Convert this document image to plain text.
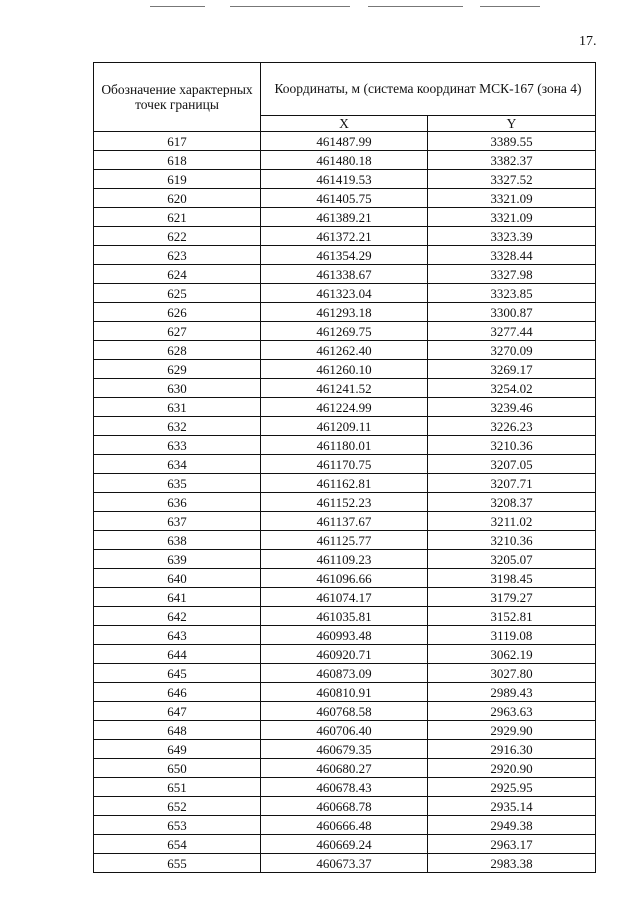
17.
Обозначение характерных точек границы	Координаты, м (система координат МСК-167 (зона 4)	
	X	Y
617	461487.99	3389.55
618	461480.18	3382.37
619	461419.53	3327.52
620	461405.75	3321.09
621	461389.21	3321.09
622	461372.21	3323.39
623	461354.29	3328.44
624	461338.67	3327.98
625	461323.04	3323.85
626	461293.18	3300.87
627	461269.75	3277.44
628	461262.40	3270.09
629	461260.10	3269.17
630	461241.52	3254.02
631	461224.99	3239.46
632	461209.11	3226.23
633	461180.01	3210.36
634	461170.75	3207.05
635	461162.81	3207.71
636	461152.23	3208.37
637	461137.67	3211.02
638	461125.77	3210.36
639	461109.23	3205.07
640	461096.66	3198.45
641	461074.17	3179.27
642	461035.81	3152.81
643	460993.48	3119.08
644	460920.71	3062.19
645	460873.09	3027.80
646	460810.91	2989.43
647	460768.58	2963.63
648	460706.40	2929.90
649	460679.35	2916.30
650	460680.27	2920.90
651	460678.43	2925.95
652	460668.78	2935.14
653	460666.48	2949.38
654	460669.24	2963.17
655	460673.37	2983.38
